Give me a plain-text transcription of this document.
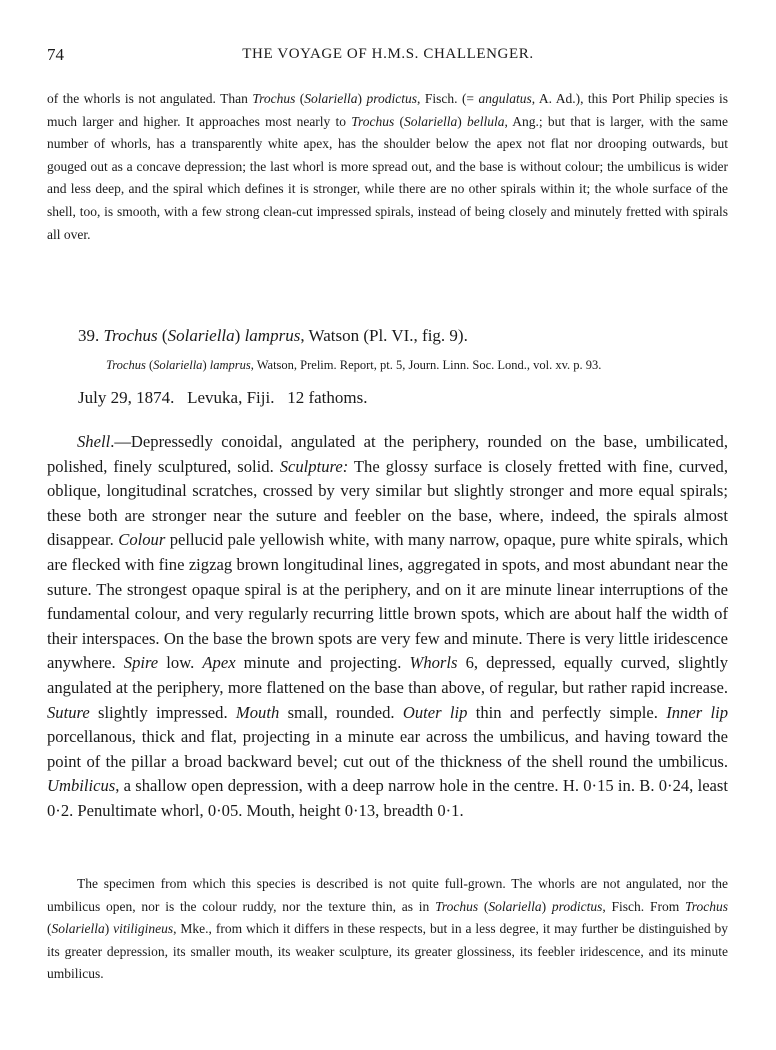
74	THE VOYAGE OF H.M.S. CHALLENGER.
of the whorls is not angulated. Than Trochus (Solariella) prodictus, Fisch. (= angulatus, A. Ad.), this Port Philip species is much larger and higher. It approaches most nearly to Trochus (Solariella) bellula, Ang.; but that is larger, with the same number of whorls, has a transparently white apex, has the shoulder below the apex not flat nor drooping outwards, but gouged out as a concave depression; the last whorl is more spread out, and the base is without colour; the umbilicus is wider and less deep, and the spiral which defines it is stronger, while there are no other spirals within it; the whole surface of the shell, too, is smooth, with a few strong clean-cut impressed spirals, instead of being closely and minutely fretted with spirals all over.
39. Trochus (Solariella) lamprus, Watson (Pl. VI., fig. 9).
Trochus (Solariella) lamprus, Watson, Prelim. Report, pt. 5, Journ. Linn. Soc. Lond., vol. xv. p. 93.
July 29, 1874. Levuka, Fiji. 12 fathoms.

Shell.—Depressedly conoidal, angulated at the periphery, rounded on the base, umbilicated, polished, finely sculptured, solid. Sculpture: The glossy surface is closely fretted with fine, curved, oblique, longitudinal scratches, crossed by very similar but slightly stronger and more equal spirals; these both are stronger near the suture and feebler on the base, where, indeed, the spirals almost disappear. Colour pellucid pale yellowish white, with many narrow, opaque, pure white spirals, which are flecked with fine zigzag brown longitudinal lines, aggregated in spots, and most abundant near the suture. The strongest opaque spiral is at the periphery, and on it are minute linear interruptions of the fundamental colour, and very regularly recurring little brown spots, which are about half the width of their interspaces. On the base the brown spots are very few and minute. There is very little iridescence anywhere. Spire low. Apex minute and projecting. Whorls 6, depressed, equally curved, slightly angulated at the periphery, more flattened on the base than above, of regular, but rather rapid increase. Suture slightly impressed. Mouth small, rounded. Outer lip thin and perfectly simple. Inner lip porcellanous, thick and flat, projecting in a minute ear across the umbilicus, and having toward the point of the pillar a broad backward bevel; cut out of the thickness of the shell round the umbilicus. Umbilicus, a shallow open depression, with a deep narrow hole in the centre. H. 0·15 in. B. 0·24, least 0·2. Penultimate whorl, 0·05. Mouth, height 0·13, breadth 0·1.

The specimen from which this species is described is not quite full-grown. The whorls are not angulated, nor the umbilicus open, nor is the colour ruddy, nor the texture thin, as in Trochus (Solariella) prodictus, Fisch. From Trochus (Solariella) vitiligineus, Mke., from which it differs in these respects, but in a less degree, it may further be distinguished by its greater depression, its smaller mouth, its weaker sculpture, its greater glossiness, its feebler iridescence, and its minute umbilicus.
